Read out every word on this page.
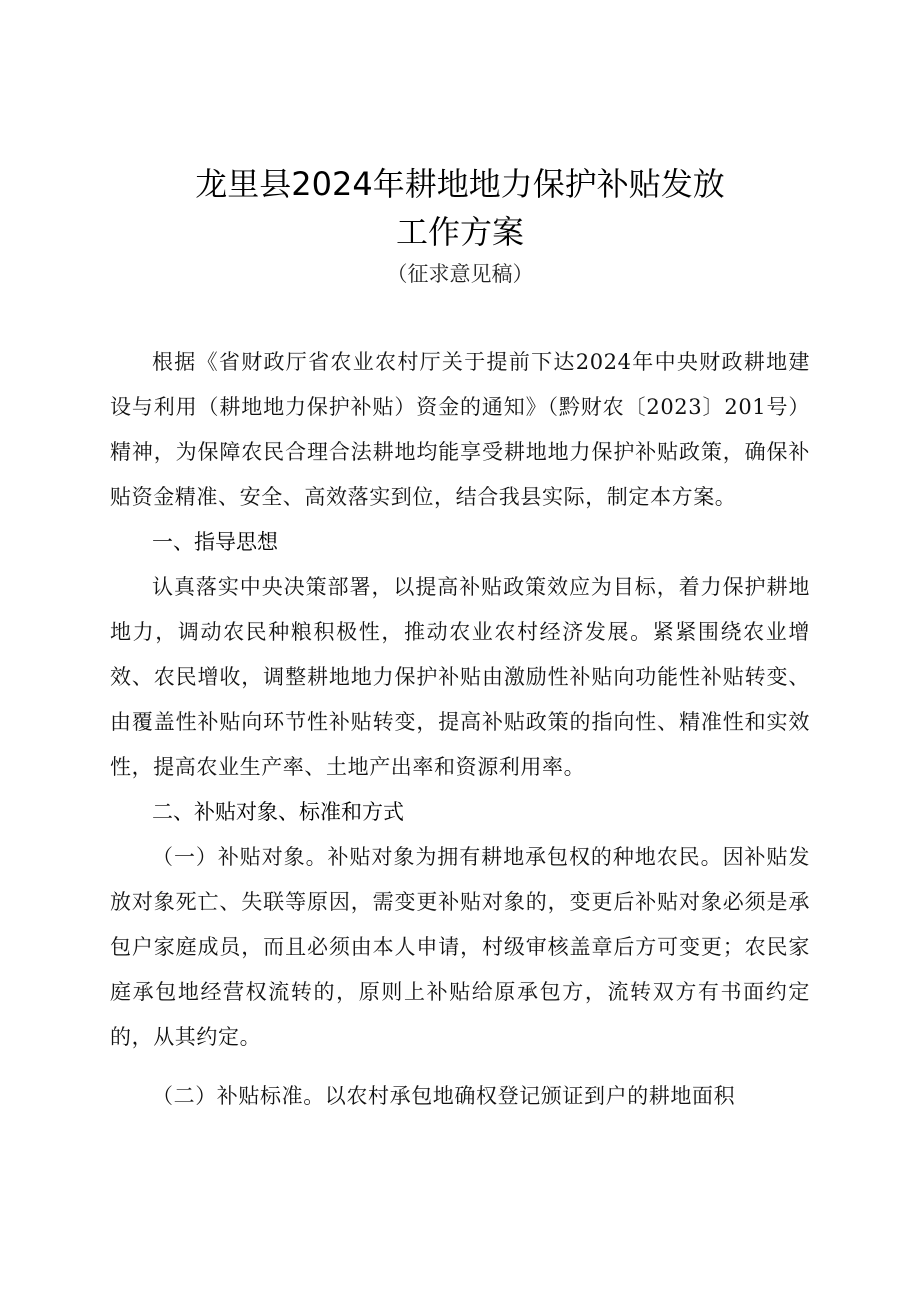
龙里县2024年耕地地力保护补贴发放
工作方案
（征求意见稿）

根据《省财政厅省农业农村厅关于提前下达2024年中央财政耕地建设与利用（耕地地力保护补贴）资金的通知》（黔财农〔2023〕201号）精神，为保障农民合理合法耕地均能享受耕地地力保护补贴政策，确保补贴资金精准、安全、高效落实到位，结合我县实际，制定本方案。

一、指导思想

认真落实中央决策部署，以提高补贴政策效应为目标，着力保护耕地地力，调动农民种粮积极性，推动农业农村经济发展。紧紧围绕农业增效、农民增收，调整耕地地力保护补贴由激励性补贴向功能性补贴转变、由覆盖性补贴向环节性补贴转变，提高补贴政策的指向性、精准性和实效性，提高农业生产率、土地产出率和资源利用率。

二、补贴对象、标准和方式

（一）补贴对象。补贴对象为拥有耕地承包权的种地农民。因补贴发放对象死亡、失联等原因，需变更补贴对象的，变更后补贴对象必须是承包户家庭成员，而且必须由本人申请，村级审核盖章后方可变更；农民家庭承包地经营权流转的，原则上补贴给原承包方，流转双方有书面约定的，从其约定。

（二）补贴标准。以农村承包地确权登记颁证到户的耕地面积
